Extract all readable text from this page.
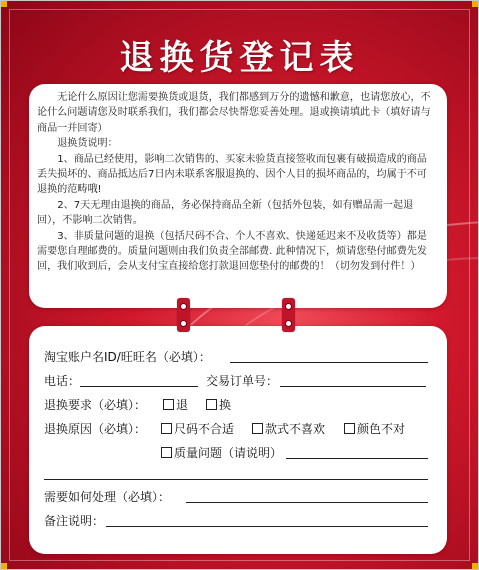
退换货登记表

无论什么原因让您需要换货或退货，我们都感到万分的遗憾和歉意，也请您放心，不论什么问题请您及时联系我们，我们都会尽快帮您妥善处理。退或换请填此卡（填好请与商品一并回寄）

退换货说明：

1、商品已经使用，影响二次销售的、买家未验货直接签收而包裹有破损造成的商品丢失损坏的、商品抵达后7日内未联系客服退换的、因个人目的损坏商品的，均属于不可退换的范畴哦!

2、7天无理由退换的商品，务必保持商品全新（包括外包装，如有赠品需一起退回），不影响二次销售。

3、非质量问题的退换（包括尺码不合、个人不喜欢、快递延迟来不及收货等）都是需要您自理邮费的。质量问题则由我们负责全部邮费. 此种情况下，烦请您垫付邮费先发回，我们收到后，会从支付宝直接给您打款退回您垫付的邮费的！（切勿发到付件！）

淘宝账户名ID/旺旺名（必填）：
电话：	交易订单号：
退换要求（必填）：	退	换
退换原因（必填）：	尺码不合适	款式不喜欢	颜色不对
质量问题（请说明）
需要如何处理（必填）：
备注说明：
